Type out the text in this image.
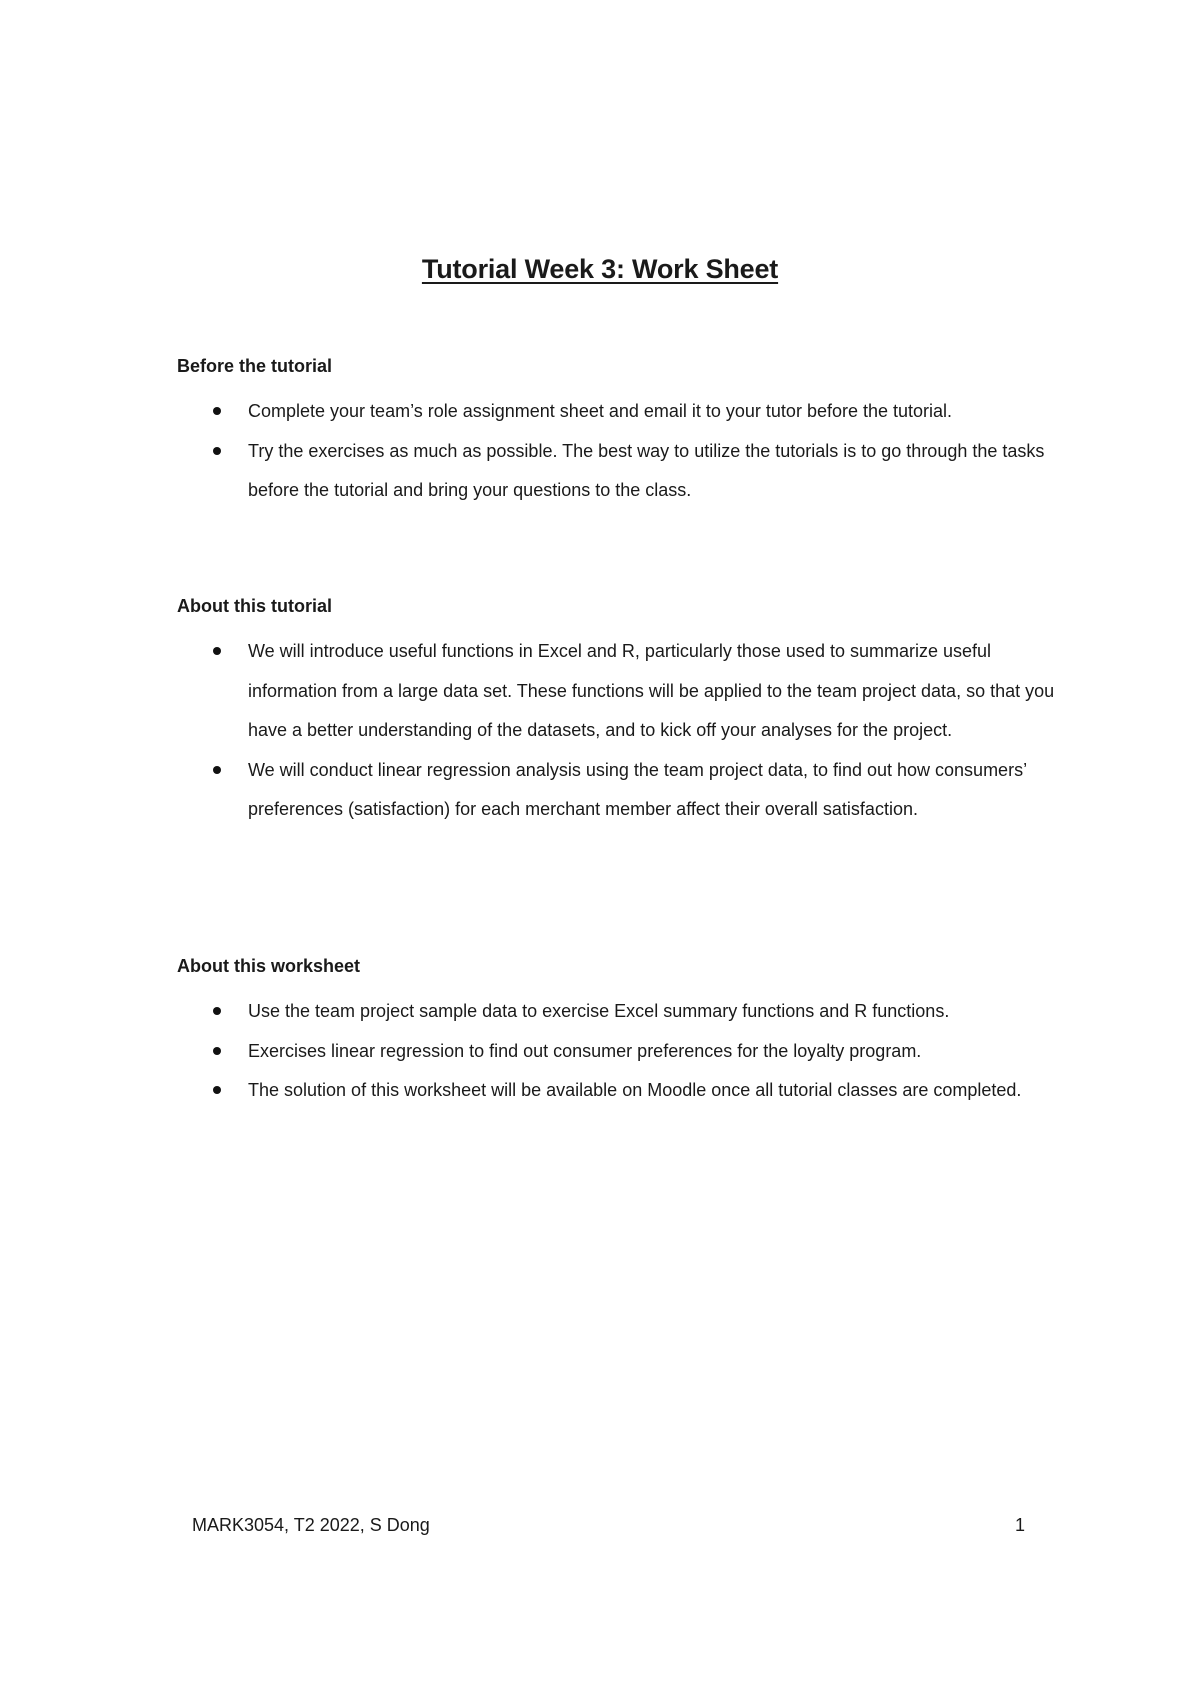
Tutorial Week 3: Work Sheet
Before the tutorial
Complete your team’s role assignment sheet and email it to your tutor before the tutorial.
Try the exercises as much as possible. The best way to utilize the tutorials is to go through the tasks before the tutorial and bring your questions to the class.
About this tutorial
We will introduce useful functions in Excel and R, particularly those used to summarize useful information from a large data set. These functions will be applied to the team project data, so that you have a better understanding of the datasets, and to kick off your analyses for the project.
We will conduct linear regression analysis using the team project data, to find out how consumers’ preferences (satisfaction) for each merchant member affect their overall satisfaction.
About this worksheet
Use the team project sample data to exercise Excel summary functions and R functions.
Exercises linear regression to find out consumer preferences for the loyalty program.
The solution of this worksheet will be available on Moodle once all tutorial classes are completed.

MARK3054, T2 2022, S Dong	1
